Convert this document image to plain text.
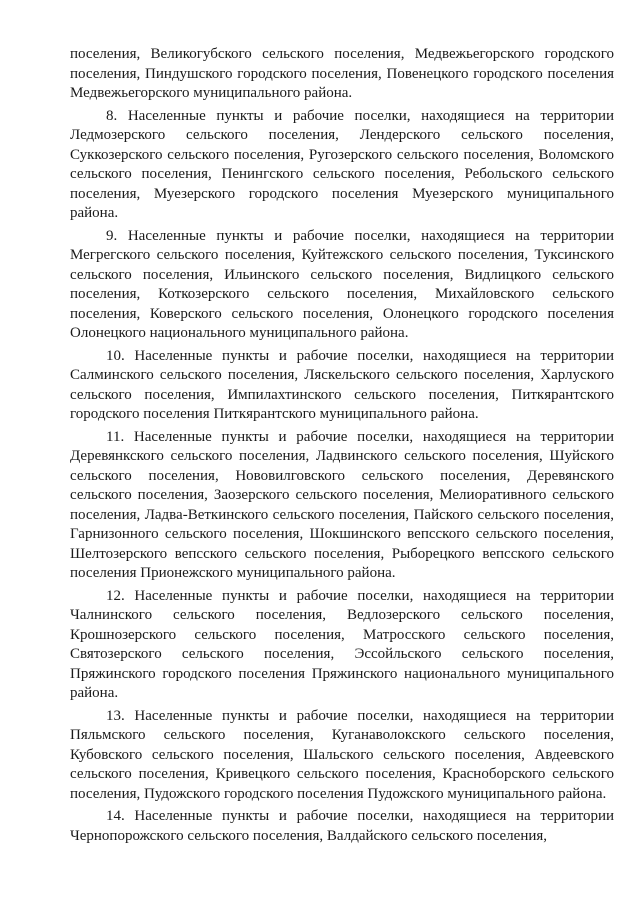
поселения, Великогубского сельского поселения, Медвежьегорского городского поселения, Пиндушского городского поселения, Повенецкого городского поселения Медвежьегорского муниципального района.

8. Населенные пункты и рабочие поселки, находящиеся на территории Ледмозерского сельского поселения, Лендерского сельского поселения, Суккозерского сельского поселения, Ругозерского сельского поселения, Воломского сельского поселения, Пенингского сельского поселения, Ребольского сельского поселения, Муезерского городского поселения Муезерского муниципального района.

9. Населенные пункты и рабочие поселки, находящиеся на территории Мегрегского сельского поселения, Куйтежского сельского поселения, Туксинского сельского поселения, Ильинского сельского поселения, Видлицкого сельского поселения, Коткозерского сельского поселения, Михайловского сельского поселения, Коверского сельского поселения, Олонецкого городского поселения Олонецкого национального муниципального района.

10. Населенные пункты и рабочие поселки, находящиеся на территории Салминского сельского поселения, Ляскельского сельского поселения, Харлуского сельского поселения, Импилахтинского сельского поселения, Питкярантского городского поселения Питкярантского муниципального района.

11. Населенные пункты и рабочие поселки, находящиеся на территории Деревянкского сельского поселения, Ладвинского сельского поселения, Шуйского сельского поселения, Нововилговского сельского поселения, Деревянского сельского поселения, Заозерского сельского поселения, Мелиоративного сельского поселения, Ладва-Веткинского сельского поселения, Пайского сельского поселения, Гарнизонного сельского поселения, Шокшинского вепсского сельского поселения, Шелтозерского вепсского сельского поселения, Рыборецкого вепсского сельского поселения Прионежского муниципального района.

12. Населенные пункты и рабочие поселки, находящиеся на территории Чалнинского сельского поселения, Ведлозерского сельского поселения, Крошнозерского сельского поселения, Матросского сельского поселения, Святозерского сельского поселения, Эссойльского сельского поселения, Пряжинского городского поселения Пряжинского национального муниципального района.

13. Населенные пункты и рабочие поселки, находящиеся на территории Пяльмского сельского поселения, Куганаволокского сельского поселения, Кубовского сельского поселения, Шальского сельского поселения, Авдеевского сельского поселения, Кривецкого сельского поселения, Красноборского сельского поселения, Пудожского городского поселения Пудожского муниципального района.

14. Населенные пункты и рабочие поселки, находящиеся на территории Чернопорожского сельского поселения, Валдайского сельского поселения,
